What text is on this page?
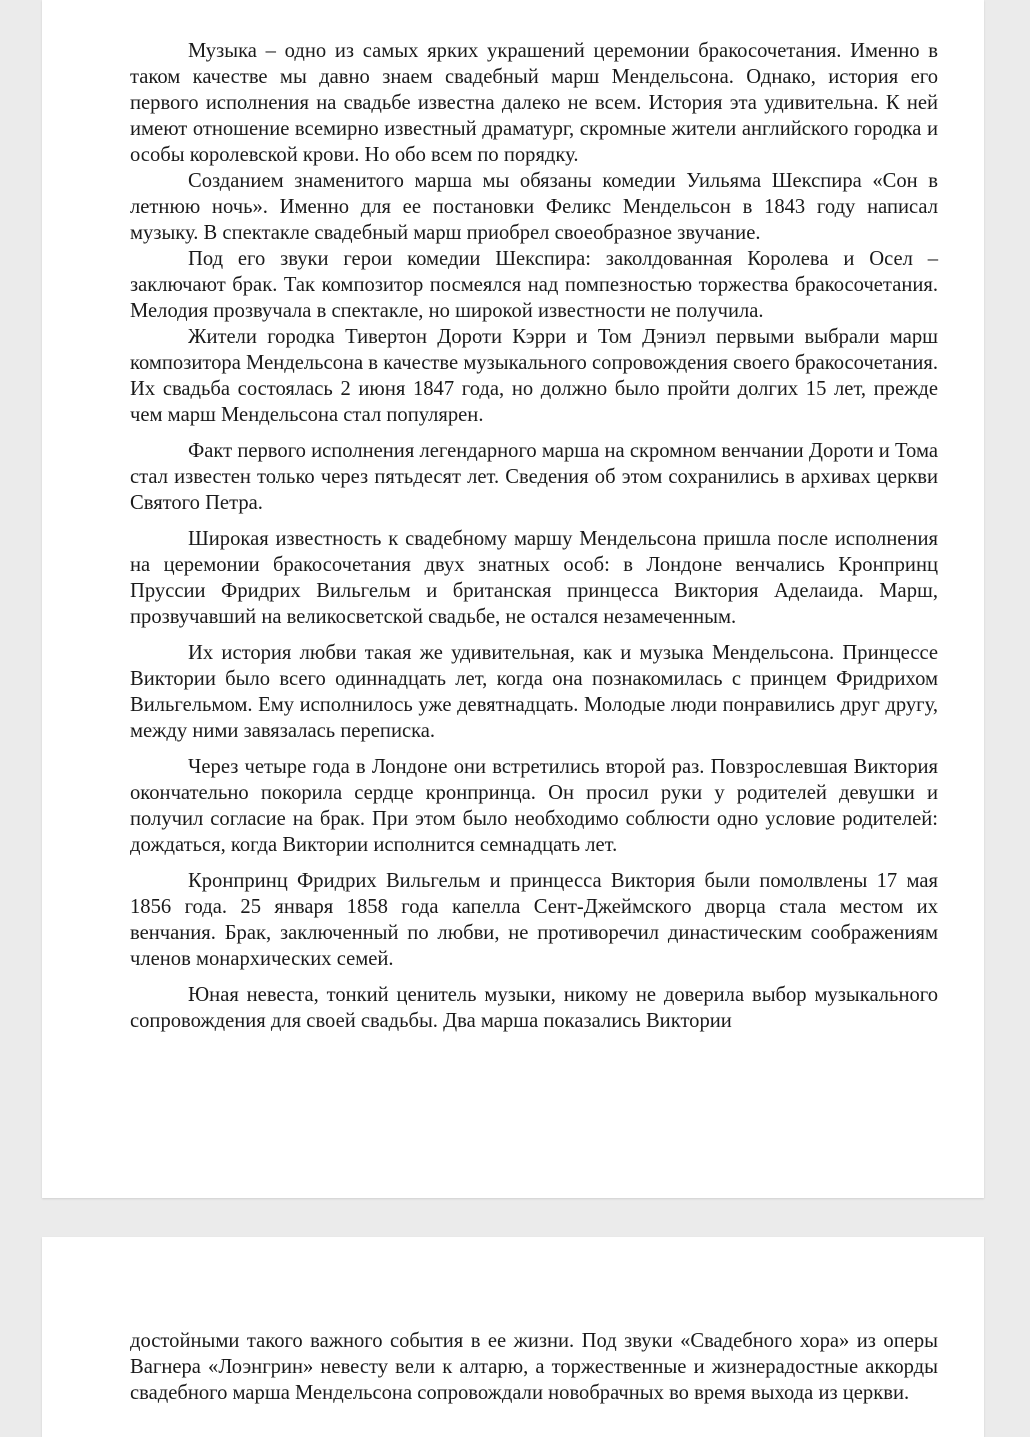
Музыка – одно из самых ярких украшений церемонии бракосочетания. Именно в таком качестве мы давно знаем свадебный марш Мендельсона. Однако, история его первого исполнения на свадьбе известна далеко не всем. История эта удивительна. К ней имеют отношение всемирно известный драматург, скромные жители английского городка и особы королевской крови. Но обо всем по порядку.

Созданием знаменитого марша мы обязаны комедии Уильяма Шекспира «Сон в летнюю ночь». Именно для ее постановки Феликс Мендельсон в 1843 году написал музыку. В спектакле свадебный марш приобрел своеобразное звучание.

Под его звуки герои комедии Шекспира: заколдованная Королева и Осел – заключают брак. Так композитор посмеялся над помпезностью торжества бракосочетания. Мелодия прозвучала в спектакле, но широкой известности не получила.

Жители городка Тивертон Дороти Кэрри и Том Дэниэл первыми выбрали марш композитора Мендельсона в качестве музыкального сопровождения своего бракосочетания. Их свадьба состоялась 2 июня 1847 года, но должно было пройти долгих 15 лет, прежде чем марш Мендельсона стал популярен.

Факт первого исполнения легендарного марша на скромном венчании Дороти и Тома стал известен только через пятьдесят лет. Сведения об этом сохранились в архивах церкви Святого Петра.

Широкая известность к свадебному маршу Мендельсона пришла после исполнения на церемонии бракосочетания двух знатных особ: в Лондоне венчались Кронпринц Пруссии Фридрих Вильгельм и британская принцесса Виктория Аделаида. Марш, прозвучавший на великосветской свадьбе, не остался незамеченным.

Их история любви такая же удивительная, как и музыка Мендельсона. Принцессе Виктории было всего одиннадцать лет, когда она познакомилась с принцем Фридрихом Вильгельмом. Ему исполнилось уже девятнадцать. Молодые люди понравились друг другу, между ними завязалась переписка.

Через четыре года в Лондоне они встретились второй раз. Повзрослевшая Виктория окончательно покорила сердце кронпринца. Он просил руки у родителей девушки и получил согласие на брак. При этом было необходимо соблюсти одно условие родителей: дождаться, когда Виктории исполнится семнадцать лет.

Кронпринц Фридрих Вильгельм и принцесса Виктория были помолвлены 17 мая 1856 года. 25 января 1858 года капелла Сент-Джеймского дворца стала местом их венчания. Брак, заключенный по любви, не противоречил династическим соображениям членов монархических семей.

Юная невеста, тонкий ценитель музыки, никому не доверила выбор музыкального сопровождения для своей свадьбы. Два марша показались Виктории

достойными такого важного события в ее жизни. Под звуки «Свадебного хора» из оперы Вагнера «Лоэнгрин» невесту вели к алтарю, а торжественные и жизнерадостные аккорды свадебного марша Мендельсона сопровождали новобрачных во время выхода из церкви.
